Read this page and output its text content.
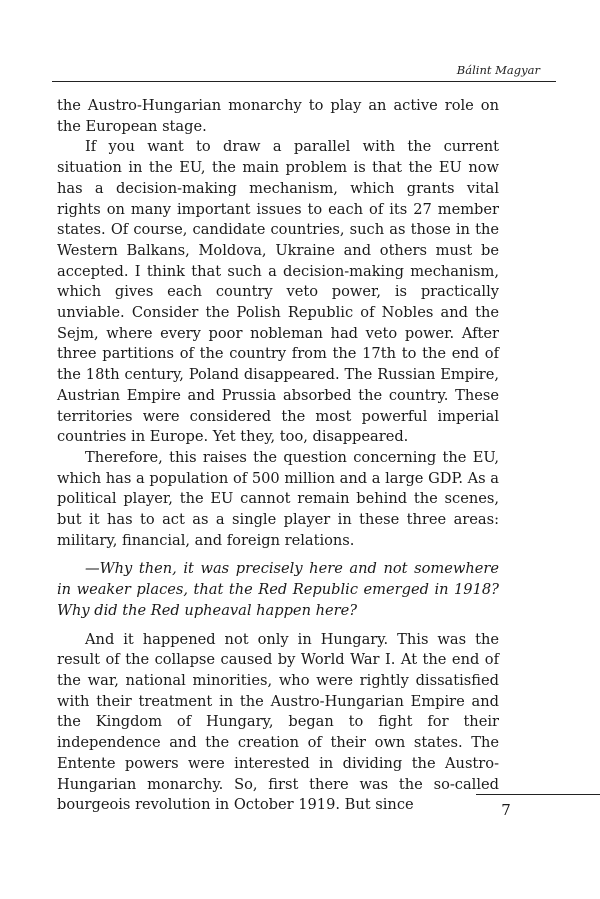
Bálint Magyar

the Austro-Hungarian monarchy to play an active role on the European stage.

If you want to draw a parallel with the current situation in the EU, the main problem is that the EU now has a decision-making mechanism, which grants vital rights on many important issues to each of its 27 member states. Of course, candidate countries, such as those in the Western Balkans, Moldova, Ukraine and others must be accepted. I think that such a decision-making mechanism, which gives each country veto power, is practically unviable. Consider the Polish Republic of Nobles and the Sejm, where every poor nobleman had veto power. After three partitions of the country from the 17th to the end of the 18th century, Poland disappeared. The Russian Empire, Austrian Empire and Prussia absorbed the country. These territories were considered the most powerful imperial countries in Europe. Yet they, too, disappeared.

Therefore, this raises the question concerning the EU, which has a population of 500 million and a large GDP. As a political player, the EU cannot remain behind the scenes, but it has to act as a single player in these three areas: military, financial, and foreign relations.

—Why then, it was precisely here and not somewhere in weaker places, that the Red Republic emerged in 1918? Why did the Red upheaval happen here?

And it happened not only in Hungary. This was the result of the collapse caused by World War I. At the end of the war, national minorities, who were rightly dissatisfied with their treatment in the Austro-Hungarian Empire and the Kingdom of Hungary, began to fight for their independence and the creation of their own states. The Entente powers were interested in dividing the Austro-Hungarian monarchy. So, first there was the so-called bourgeois revolution in October 1919. But since	7
